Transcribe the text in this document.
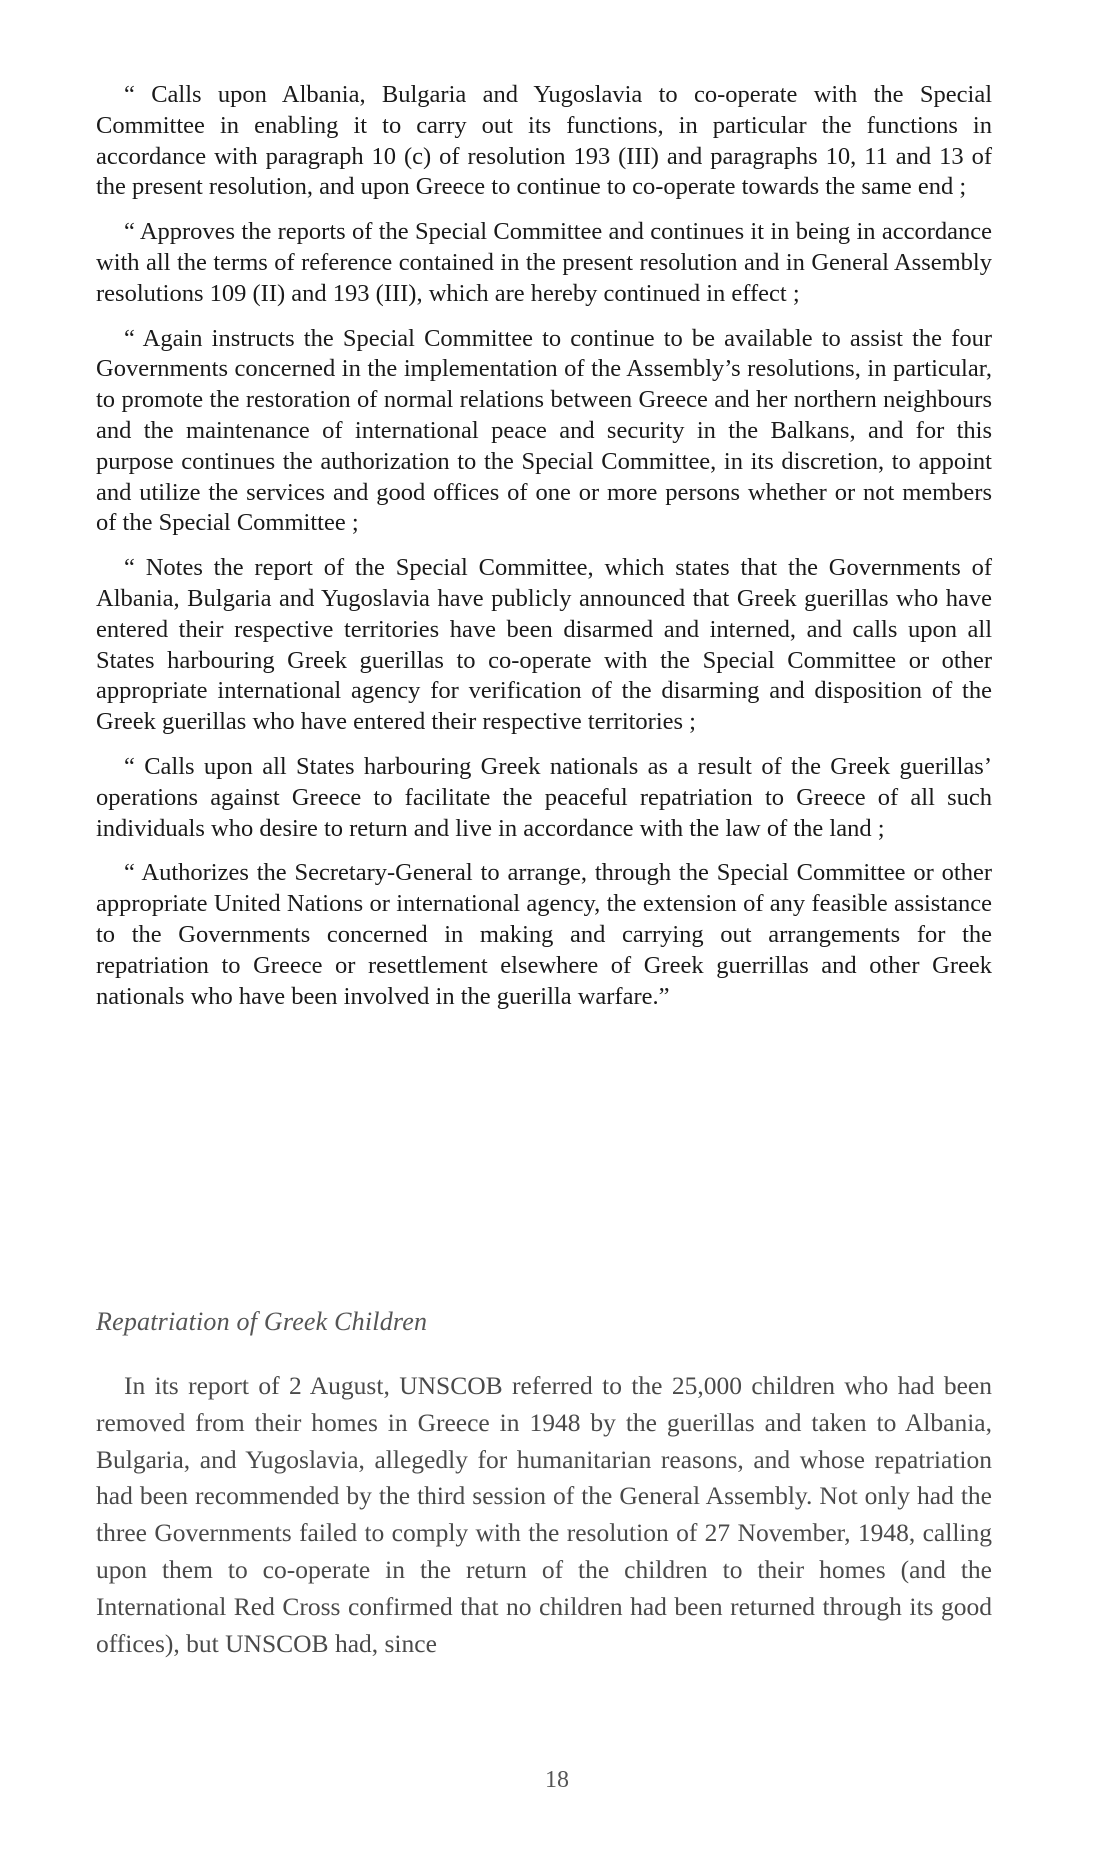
“ Calls upon Albania, Bulgaria and Yugoslavia to co-operate with the Special Committee in enabling it to carry out its functions, in particular the functions in accordance with paragraph 10 (c) of resolution 193 (III) and paragraphs 10, 11 and 13 of the present resolution, and upon Greece to continue to co-operate towards the same end ;

“ Approves the reports of the Special Committee and continues it in being in accordance with all the terms of reference contained in the present resolution and in General Assembly resolutions 109 (II) and 193 (III), which are hereby continued in effect ;

“ Again instructs the Special Committee to continue to be available to assist the four Governments concerned in the implementation of the Assembly’s resolutions, in particular, to promote the restoration of normal relations between Greece and her northern neighbours and the maintenance of international peace and security in the Balkans, and for this purpose continues the authorization to the Special Committee, in its discretion, to appoint and utilize the services and good offices of one or more persons whether or not members of the Special Committee ;

“ Notes the report of the Special Committee, which states that the Governments of Albania, Bulgaria and Yugoslavia have publicly announced that Greek guerillas who have entered their respective territories have been disarmed and interned, and calls upon all States harbouring Greek guerillas to co-operate with the Special Committee or other appropriate international agency for verification of the disarming and disposition of the Greek guerillas who have entered their respective territories ;

“ Calls upon all States harbouring Greek nationals as a result of the Greek guerillas’ operations against Greece to facilitate the peaceful repatriation to Greece of all such individuals who desire to return and live in accordance with the law of the land ;

“ Authorizes the Secretary-General to arrange, through the Special Committee or other appropriate United Nations or international agency, the extension of any feasible assistance to the Governments concerned in making and carrying out arrangements for the repatriation to Greece or resettlement elsewhere of Greek guerrillas and other Greek nationals who have been involved in the guerilla warfare.”

Repatriation of Greek Children

In its report of 2 August, UNSCOB referred to the 25,000 children who had been removed from their homes in Greece in 1948 by the guerillas and taken to Albania, Bulgaria, and Yugoslavia, allegedly for humanitarian reasons, and whose repatriation had been recommended by the third session of the General Assembly. Not only had the three Governments failed to comply with the resolution of 27 November, 1948, calling upon them to co-operate in the return of the children to their homes (and the International Red Cross confirmed that no children had been returned through its good offices), but UNSCOB had, since

18
